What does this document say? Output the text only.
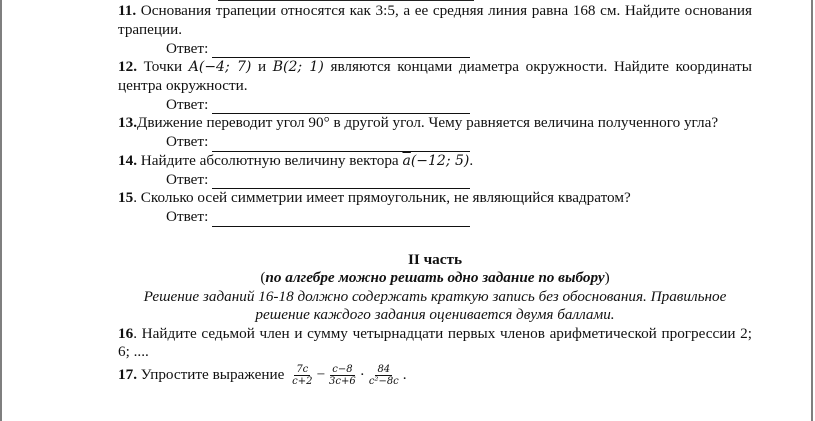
11. Основания трапеции относятся как 3:5, а ее средняя линия равна 168 см. Найдите основания трапеции.
Ответ:
12. Точки A(−4; 7) и B(2; 1) являются концами диаметра окружности. Найдите координаты центра окружности.
Ответ:
13.Движение переводит угол 90° в другой угол. Чему равняется величина полученного угла?
Ответ:
14. Найдите абсолютную величину вектора $\overline{a}(-12$; 5).
Ответ:
15. Сколько осей симметрии имеет прямоугольник, не являющийся квадратом?
Ответ:
II часть
(по алгебре можно решать одно задание по выбору)
Решение заданий 16-18 должно содержать краткую запись без обоснования. Правильное решение каждого задания оценивается двумя баллами.
16. Найдите седьмой член и сумму четырнадцати первых членов арифметической прогрессии 2; 6; ....
17. Упростите выражение $\frac{7c}{c+2} - \frac{c-8}{3c+6} \cdot \frac{84}{\text{c²−8c}}$ .
